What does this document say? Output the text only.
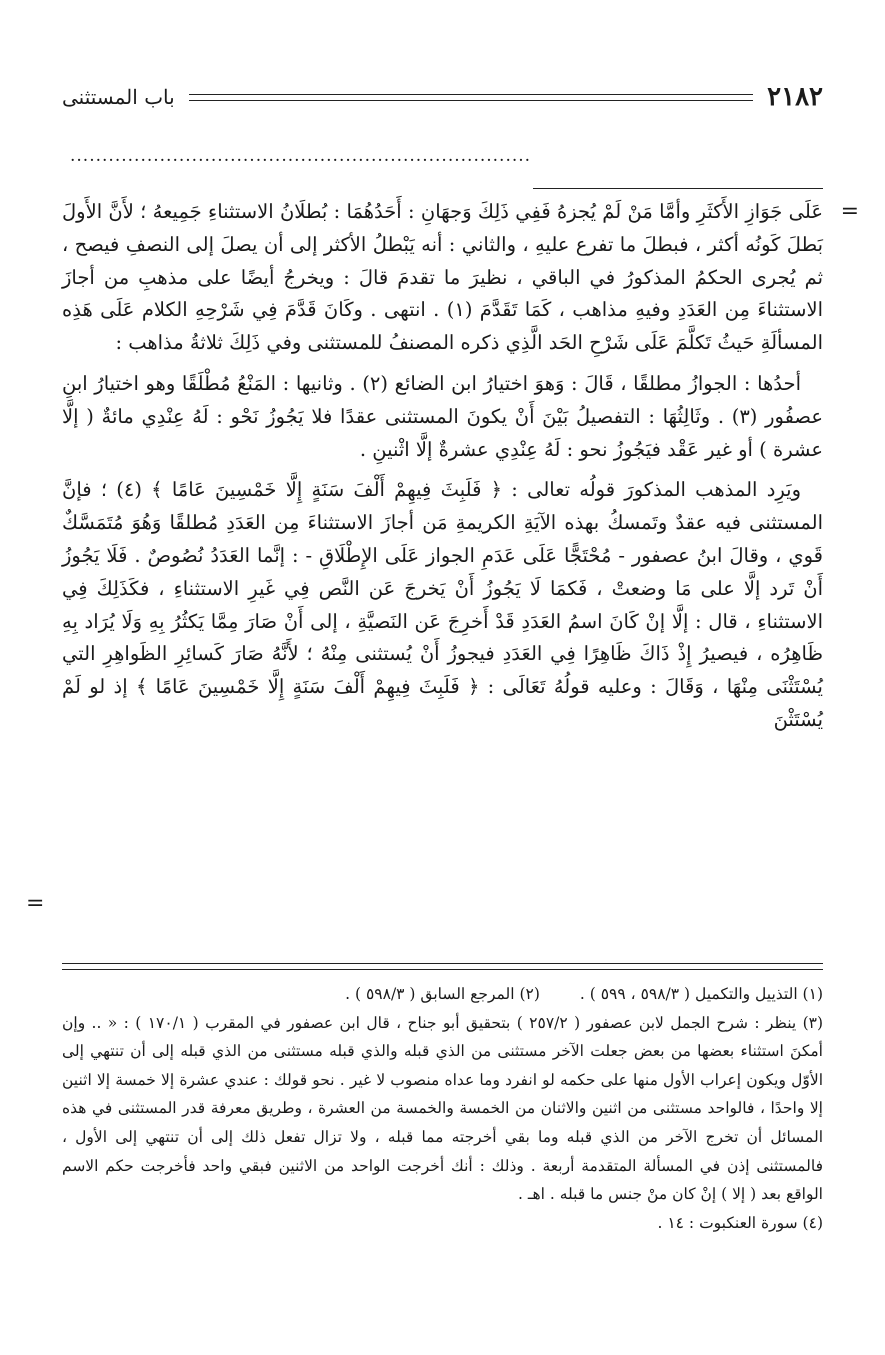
٢١٨٢
باب المستثنى
........................................................................
=

عَلَى جَوَازِ الأَكثَرِ وأمَّا مَنْ لَمْ يُجزهُ فَفِي ذَلِكَ وَجهَانِ : أَحَدُهُمَا : بُطلَانُ الاستثناءِ جَمِيعهُ ؛ لأَنَّ الأَولَ بَطلَ كَونُه أكثر ، فبطلَ ما تفرع عليهِ ، والثاني : أنه يَبْطلُ الأكثر إلى أن يصلَ إلى النصفِ فيصح ، ثم يُجرى الحكمُ المذكورُ في الباقي ، نظيرَ ما تقدمَ قالَ : ويخرجُ أيضًا على مذهبِ من أجازَ الاستثناءَ مِن العَدَدِ وفيهِ مذاهب ، كَمَا تَقَدَّمَ (١) . انتهى . وكَانَ قَدَّمَ فِي شَرْحِهِ الكلام عَلَى هَذِه المسألَةِ حَيثُ تَكلَّمَ عَلَى شَرْحِ الحَد الَّذِي ذكره المصنفُ للمستثنى وفي ذَلِكَ ثلاثةُ مذاهب :

أحدُها : الجوازُ مطلقًا ، قَالَ : وَهوَ اختيارُ ابن الضائع (٢) . وثانيها : المَنْعُ مُطْلَقًا وهو اختيارُ ابنِ عصفُور (٣) . وثَالِثُهَا : التفصيلُ بَيْنَ أَنْ يكونَ المستثنى عقدًا فلا يَجُوزُ نَحْو : لَهُ عِنْدِي مائةٌ ( إلَّا عشرة ) أو غير عَقْد فيَجُوزُ نحو : لَهُ عِنْدِي عشرةٌ إلَّا اثْنينِ .

ويَرِد المذهب المذكورَ قولُه تعالى : ﴿ فَلَبِثَ فِيهِمْ أَلْفَ سَنَةٍ إِلَّا خَمْسِينَ عَامًا ﴾ (٤) ؛ فإنَّ المستثنى فيه عقدٌ وتَمسكُ بهذه الآيَةِ الكريمةِ مَن أجازَ الاستثناءَ مِن العَدَدِ مُطلقًا وَهُوَ مُتَمَسَّكٌ قَوي ، وقالَ ابنُ عصفور - مُحْتَجًّا عَلَى عَدَمِ الجواز عَلَى الإِطْلَاقِ - : إنَّما العَدَدُ نُصُوصٌ . فَلَا يَجُوزُ أَنْ تَرد إلَّا على مَا وضعتْ ، فَكمَا لَا يَجُوزُ أَنْ يَخرجَ عَن النَّص فِي غَيرِ الاستثناءِ ، فكَذَلِكَ فِي الاستثناءِ ، قال : إلَّا إنْ كَانَ اسمُ العَدَدِ قَدْ أَخرِجَ عَن النَصيَّةِ ، إلى أَنْ صَارَ مِمَّا يَكثُرُ بِهِ وَلَا يُرَاد بِهِ ظَاهِرُه ، فيصيرُ إِذْ ذَاكَ ظَاهِرًا فِي العَدَدِ فيجوزُ أَنْ يُستثنى مِنْهُ ؛ لأَنَّهُ صَارَ كَسائِرِ الظَواهِرِ التي يُسْتَثْنَى مِنْهَا ، وَقَالَ : وعليه قولُهُ تَعَالَى : ﴿ فَلَبِثَ فِيهِمْ أَلْفَ سَنَةٍ إِلَّا خَمْسِينَ عَامًا ﴾ إذ لو لَمْ يُسْتَثْنَ

=
(١) التذييل والتكميل ( ٥٩٨/٣ ، ٥٩٩ ) .
(٢) المرجع السابق ( ٥٩٨/٣ ) .

(٣) ينظر : شرح الجمل لابن عصفور ( ٢٥٧/٢ ) بتحقيق أبو جناح ، قال ابن عصفور في المقرب ( ١٧٠/١ ) : « .. وإن أمكنَ استثناء بعضها من بعض جعلت الآخر مستثنى من الذي قبله والذي قبله مستثنى من الذي قبله إلى أن تنتهي إلى الأوّل ويكون إعراب الأول منها على حكمه لو انفرد وما عداه منصوب لا غير . نحو قولك : عندي عشرة إلا خمسة إلا اثنين إلا واحدًا ، فالواحد مستثنى من اثنين والاثنان من الخمسة والخمسة من العشرة ، وطريق معرفة قدر المستثنى في هذه المسائل أن تخرج الآخر من الذي قبله وما بقي أخرجته مما قبله ، ولا تزال تفعل ذلك إلى أن تنتهي إلى الأول ، فالمستثنى إذن في المسألة المتقدمة أربعة . وذلك : أنك أخرجت الواحد من الاثنين فبقي واحد فأخرجت حكم الاسم الواقع بعد ( إلا ) إنْ كان منْ جنس ما قبله . اهـ .

(٤) سورة العنكبوت : ١٤ .
